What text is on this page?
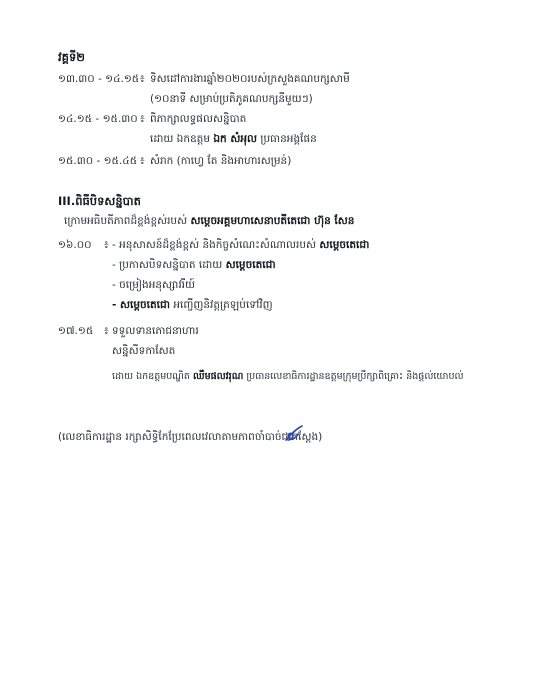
វគ្គទី២
១៣.៣០ - ១៤.១៥ ៖ ទិសដៅការងារឆ្នាំ២០២០របស់ក្រសួងគណបក្សសាមី
(១០នាទី សម្រាប់ប្រតិភូគណបក្សនីមួយៗ)
១៤.១៥ - ១៥.៣០ ៖ ពិភាក្សាលទ្ធផលសន្និបាត
ដោយ ឯកឧត្តម ឯក សំអុល ប្រធានអង្គផែន
១៥.៣០ - ១៥.៤៥ ៖ សំរាក (កាហ្វេ តែ និងអាហារសម្រន់)
III.ពិធីបិទសន្និបាត
ក្រោមអធិបតីភាពដ៏ខ្ពង់ខ្ពស់របស់ សម្តេចអគ្គមហាសេនាបតីតេជោ ហ៊ុន សែន
១៦.០០ ៖ - អនុសាសន៍ដ៏ខ្ពង់ខ្ពស់ និងកិច្ចសំណេះសំណាលរបស់ សម្តេចតេជោ
- ប្រកាសបិទសន្និបាត ដោយ សម្តេចតេជោ
- ចម្រៀងអនុស្សាវរីយ៍
- សម្តេចតេជោ អញ្ជើញនិវត្តត្រឡប់ទៅវិញ
១៧.១៥ ៖ ទទួលទានភោជនាហារ
សន្និសីទកាសែត
ដោយ ឯកឧត្តមបណ្ឌិត ឈឹមផលវរុណ ប្រធានលេខាធិការដ្ឋានឧត្តមក្រុមប្រឹក្សាពិគ្រោះ និងផ្តល់យោបល់
(លេខាធិការដ្ឋាន រក្សាសិទ្ធិកែប្រែពេលវេលាតាមភាពចាំបាច់ជាក់ស្តែង)
